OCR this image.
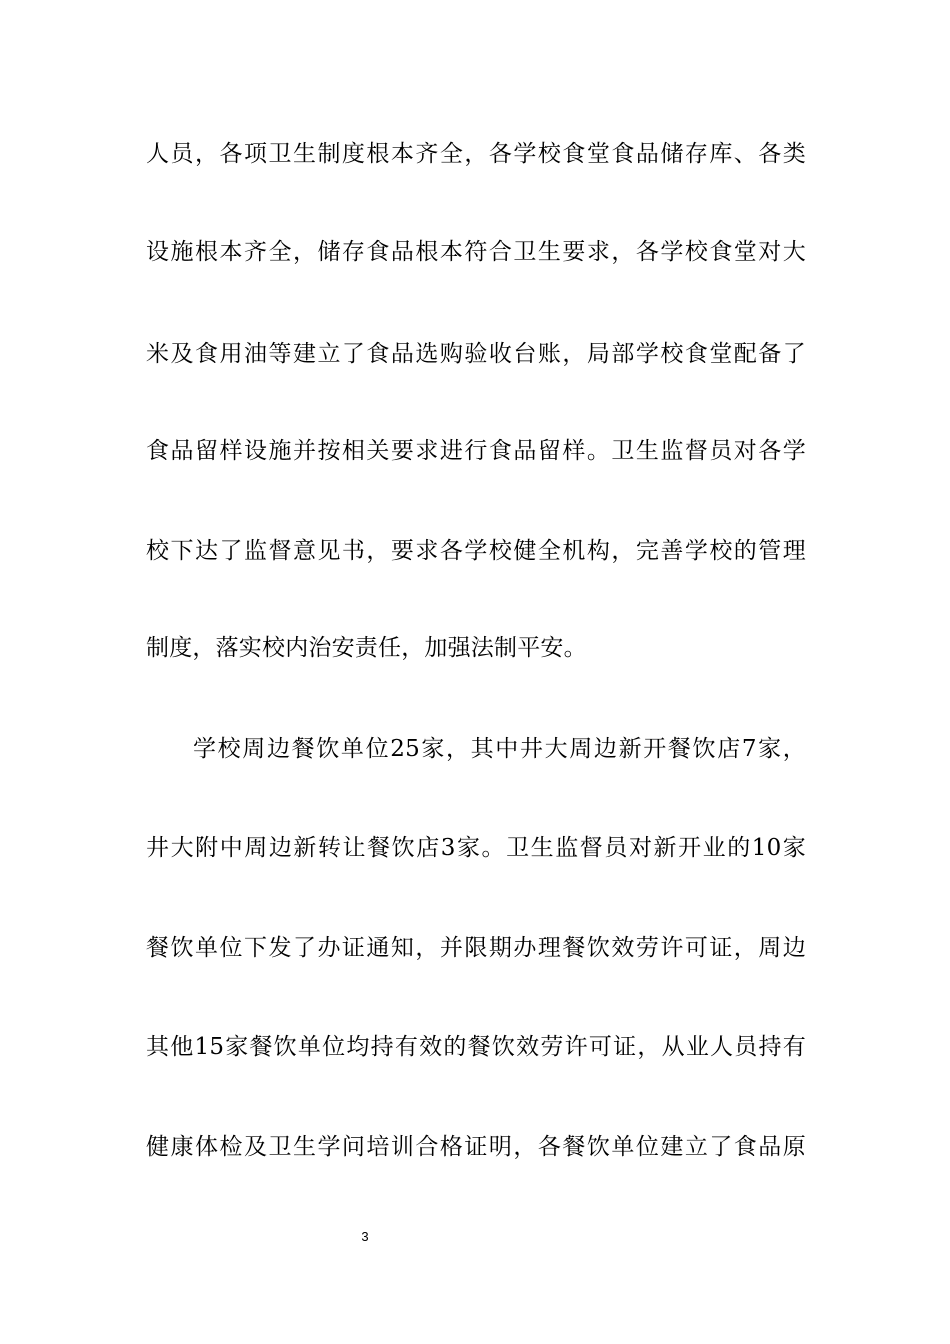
人员，各项卫生制度根本齐全，各学校食堂食品储存库、各类
设施根本齐全，储存食品根本符合卫生要求，各学校食堂对大
米及食用油等建立了食品选购验收台账，局部学校食堂配备了
食品留样设施并按相关要求进行食品留样。卫生监督员对各学
校下达了监督意见书，要求各学校健全机构，完善学校的管理
制度，落实校内治安责任，加强法制平安。
学校周边餐饮单位25家，其中井大周边新开餐饮店7家，
井大附中周边新转让餐饮店3家。卫生监督员对新开业的10家
餐饮单位下发了办证通知，并限期办理餐饮效劳许可证，周边
其他15家餐饮单位均持有效的餐饮效劳许可证，从业人员持有
健康体检及卫生学问培训合格证明，各餐饮单位建立了食品原
3
